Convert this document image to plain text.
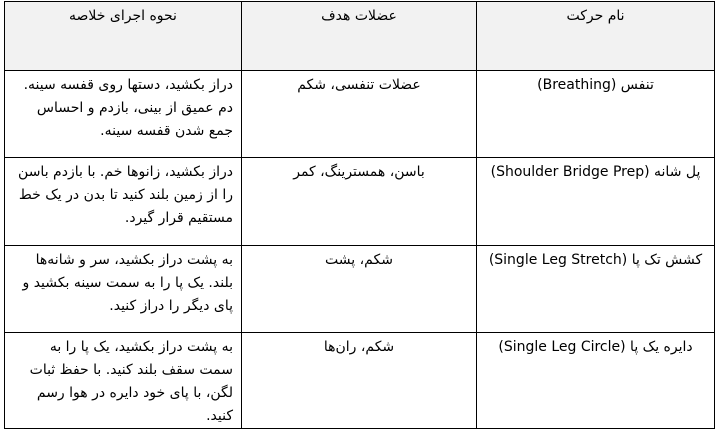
نام حرکت	عضلات هدف	نحوه اجرای خلاصه
تنفس (Breathing)	عضلات تنفسی، شکم	دراز بکشید، دستها روی قفسه سینه. دم عمیق از بینی، بازدم و احساس جمع شدن قفسه سینه.
پل شانه (Shoulder Bridge Prep)	باسن، همسترینگ، کمر	دراز بکشید، زانوها خم. با بازدم باسن را از زمین بلند کنید تا بدن در یک خط مستقیم قرار گیرد.
کشش تک پا (Single Leg Stretch)	شکم، پشت	به پشت دراز بکشید، سر و شانه‌ها بلند. یک پا را به سمت سینه بکشید و پای دیگر را دراز کنید.
دایره یک پا (Single Leg Circle)	شکم، ران‌ها	به پشت دراز بکشید، یک پا را به سمت سقف بلند کنید. با حفظ ثبات لگن، با پای خود دایره در هوا رسم کنید.
